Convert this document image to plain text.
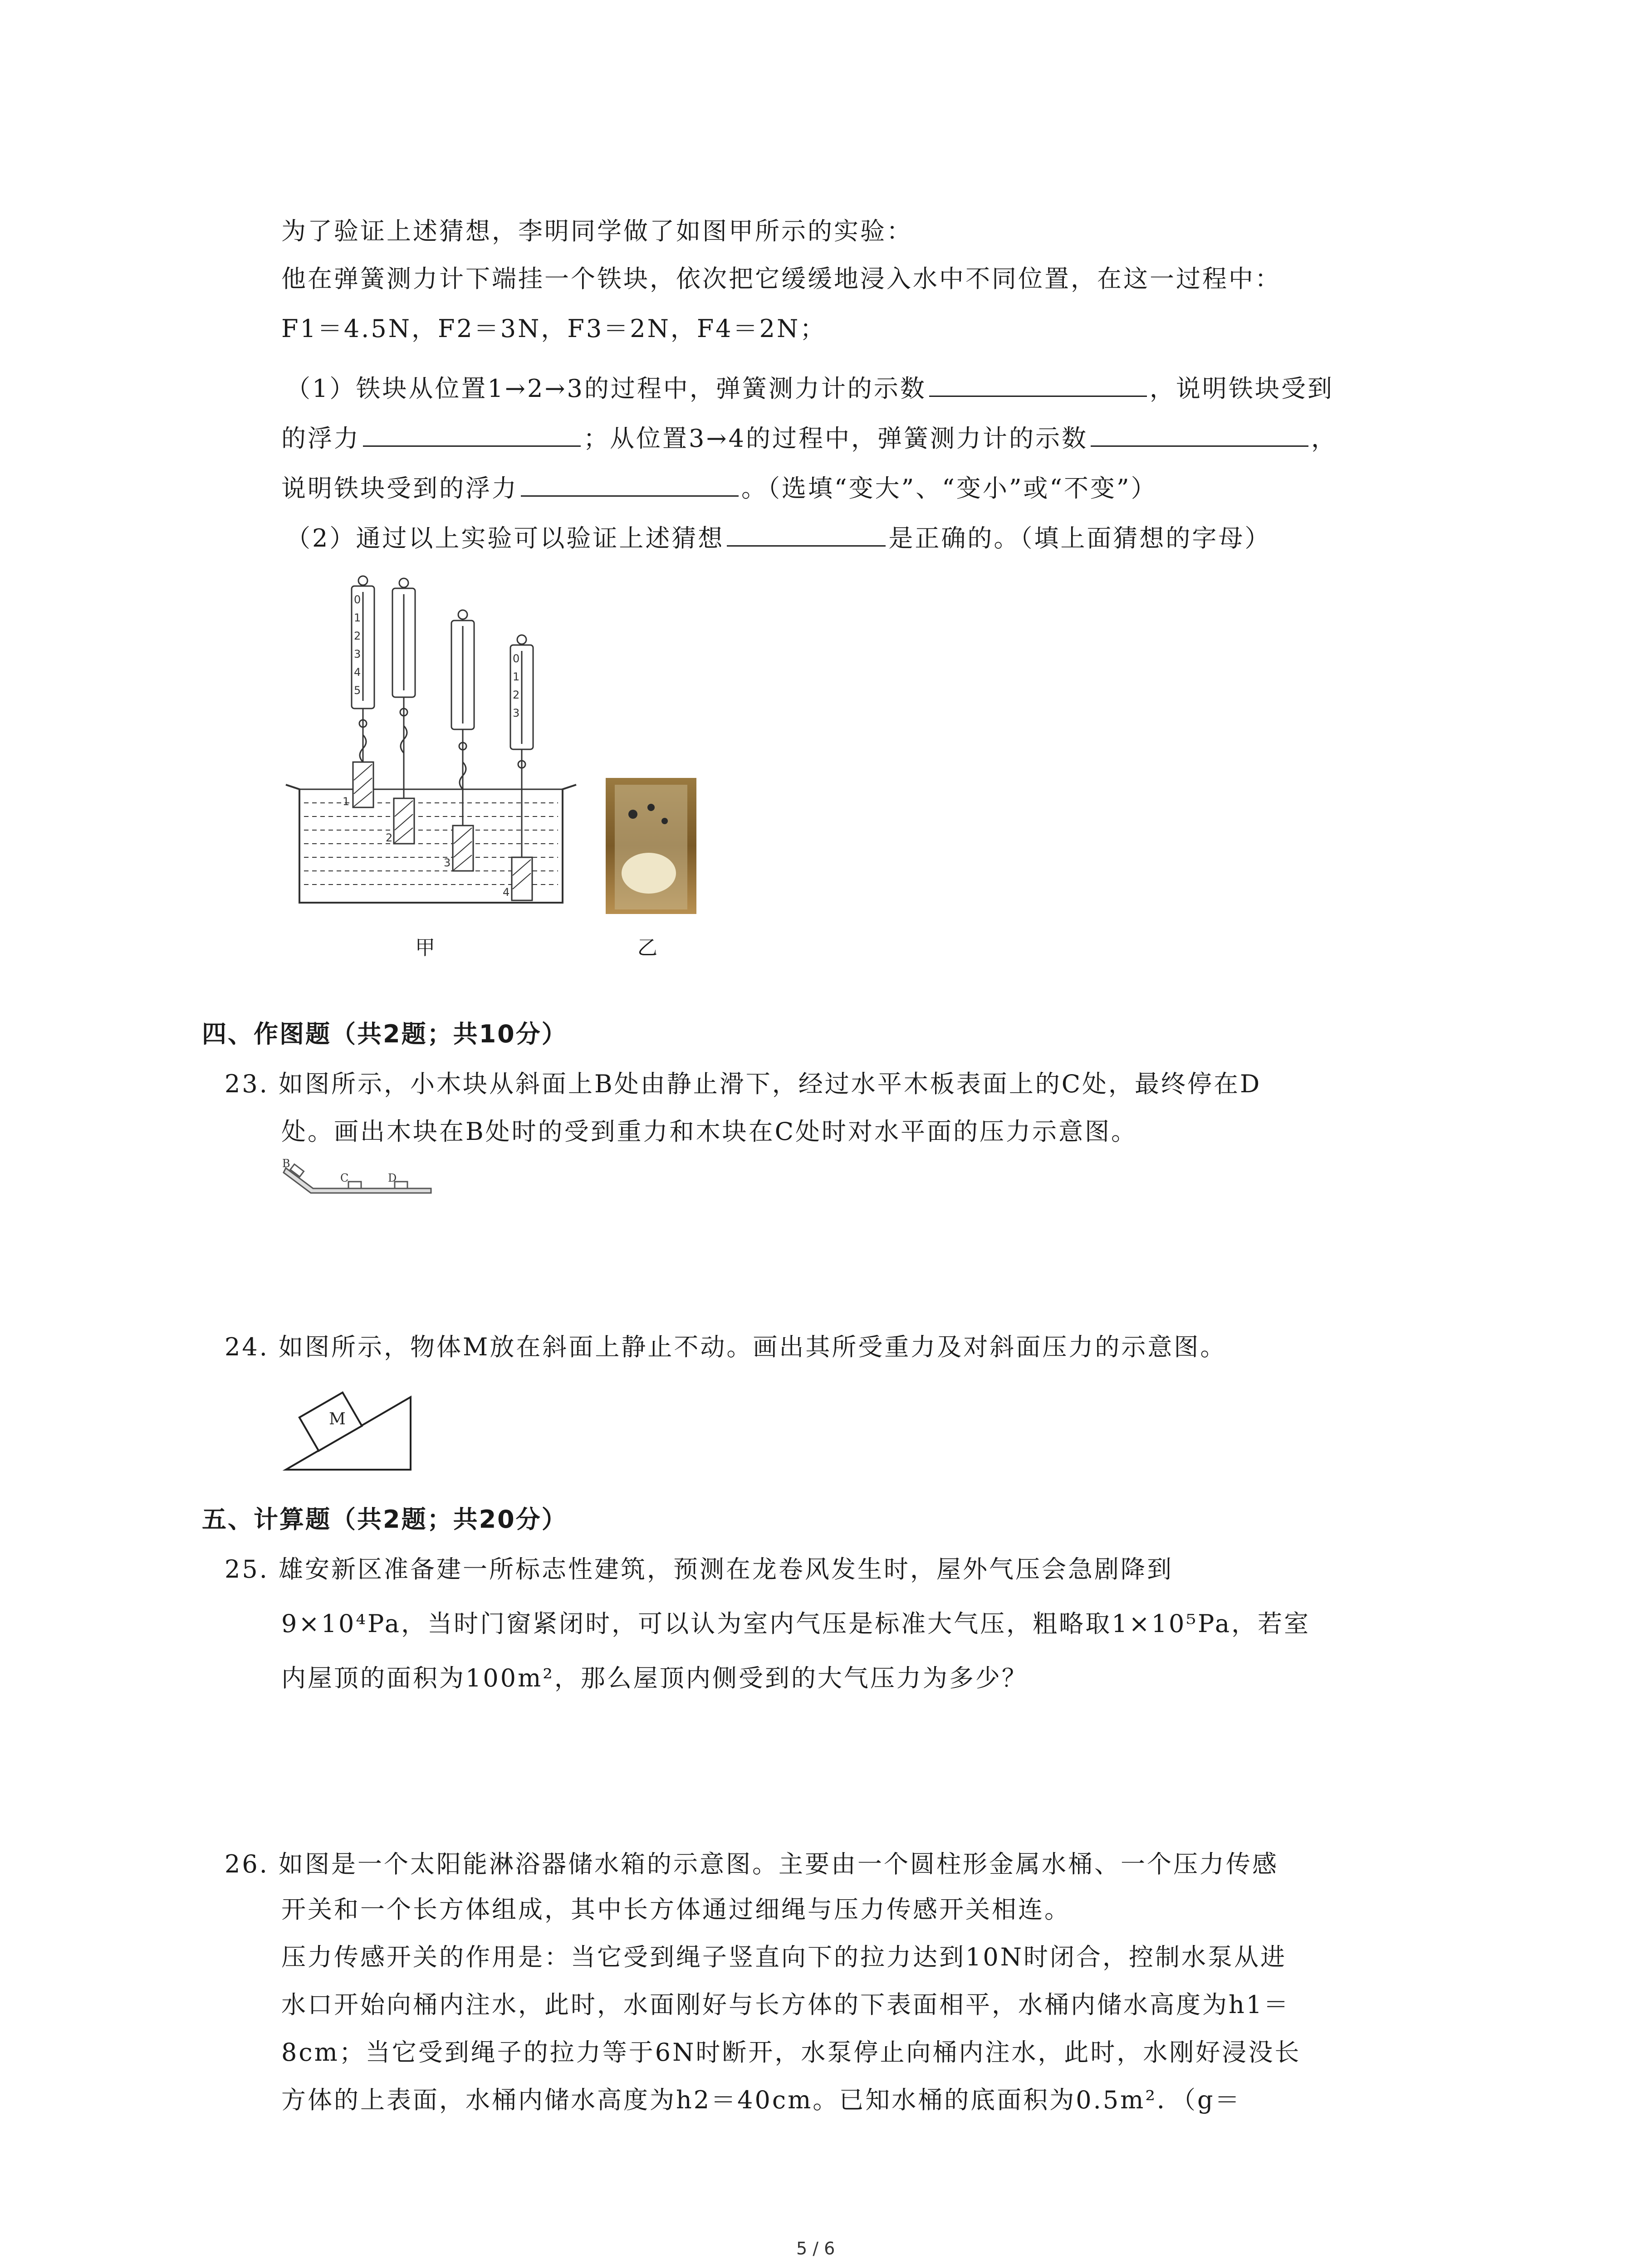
为了验证上述猜想，李明同学做了如图甲所示的实验：
他在弹簧测力计下端挂一个铁块，依次把它缓缓地浸入水中不同位置，在这一过程中：
F1＝4.5N，F2＝3N，F3＝2N，F4＝2N；
（1）铁块从位置1→2→3的过程中，弹簧测力计的示数	，说明铁块受到
的浮力	；从位置3→4的过程中，弹簧测力计的示数	，
说明铁块受到的浮力	。（选填“变大”、“变小”或“不变”）
（2）通过以上实验可以验证上述猜想	是正确的。（填上面猜想的字母）
0
1
2
3
4
5
0
1
2
3
1
2
3
4
甲	乙
四、作图题（共2题；共10分）
23. 如图所示，小木块从斜面上B处由静止滑下，经过水平木板表面上的C处，最终停在D
处。画出木块在B处时的受到重力和木块在C处时对水平面的压力示意图。
B
C	D
24. 如图所示，物体M放在斜面上静止不动。画出其所受重力及对斜面压力的示意图。
M
五、计算题（共2题；共20分）
25. 雄安新区准备建一所标志性建筑，预测在龙卷风发生时，屋外气压会急剧降到
9×10⁴Pa，当时门窗紧闭时，可以认为室内气压是标准大气压，粗略取1×10⁵Pa，若室
内屋顶的面积为100m²，那么屋顶内侧受到的大气压力为多少？
26. 如图是一个太阳能淋浴器储水箱的示意图。主要由一个圆柱形金属水桶、一个压力传感
开关和一个长方体组成，其中长方体通过细绳与压力传感开关相连。
压力传感开关的作用是：当它受到绳子竖直向下的拉力达到10N时闭合，控制水泵从进
水口开始向桶内注水，此时，水面刚好与长方体的下表面相平，水桶内储水高度为h1＝
8cm；当它受到绳子的拉力等于6N时断开，水泵停止向桶内注水，此时，水刚好浸没长
方体的上表面，水桶内储水高度为h2＝40cm。已知水桶的底面积为0.5m²．（g＝
5 / 6
